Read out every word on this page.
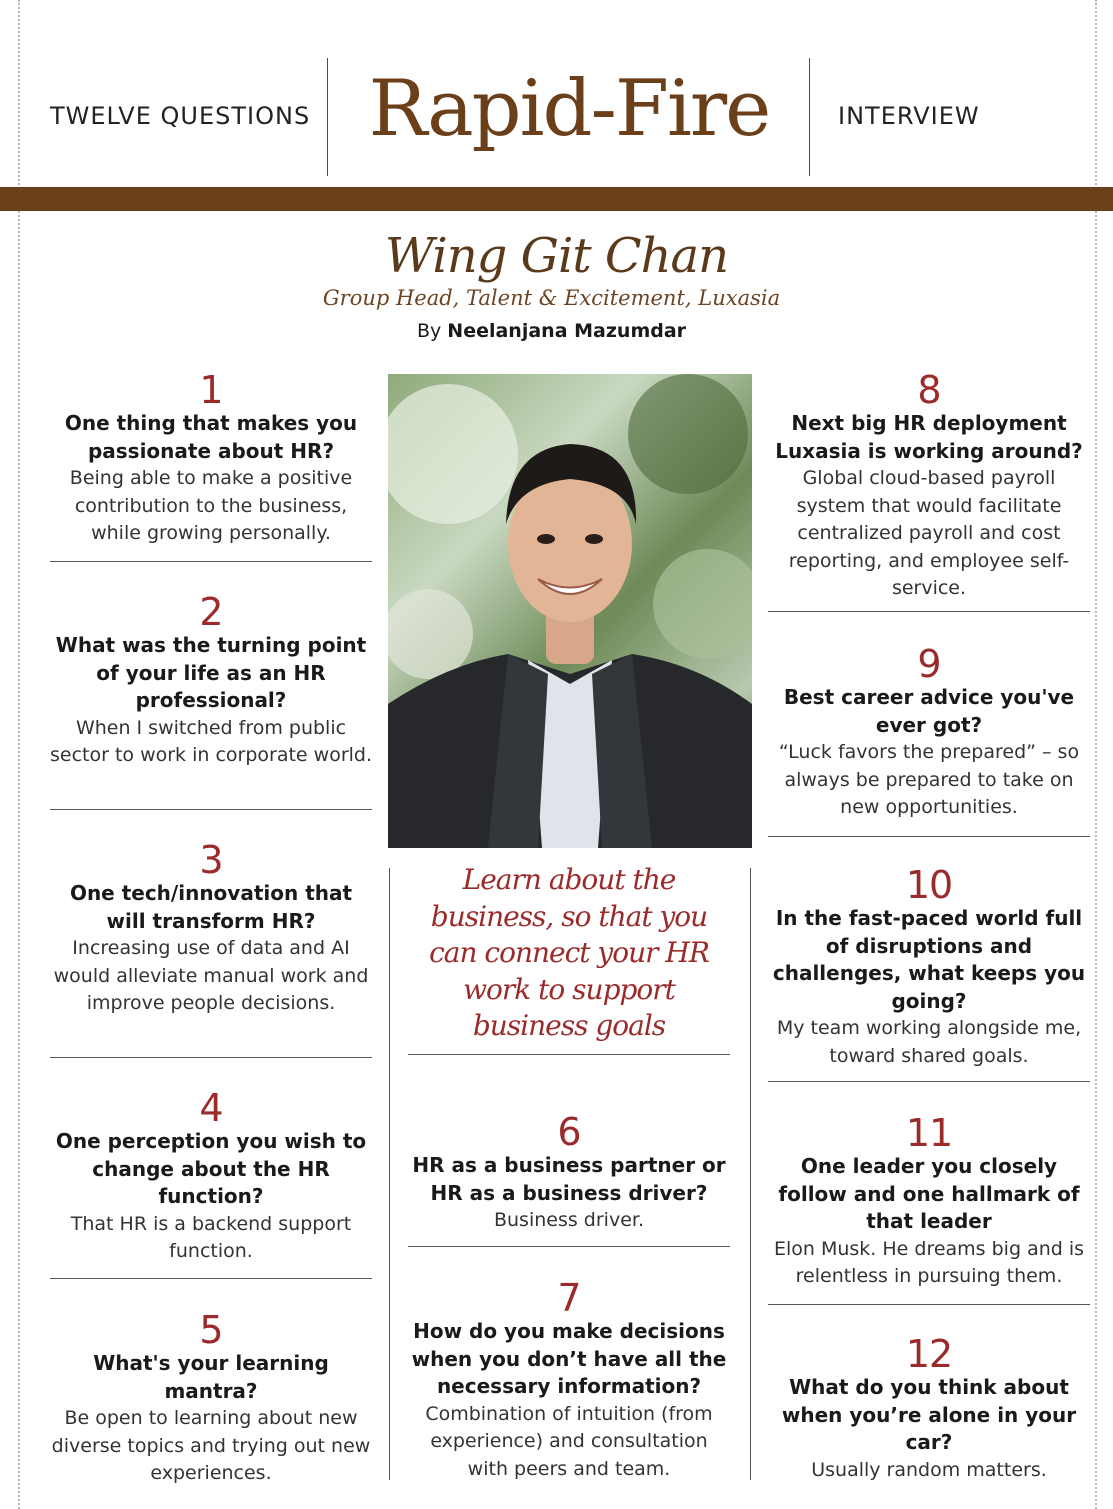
TWELVE QUESTIONS Rapid-Fire	INTERVIEW
Wing Git Chan
Group Head, Talent & Excitement, Luxasia
By Neelanjana Mazumdar
1
One thing that makes you passionate about HR?
Being able to make a positive contribution to the business, while growing personally.
2
What was the turning point of your life as an HR professional?
When I switched from public sector to work in corporate world.
3
One tech/innovation that will transform HR?
Increasing use of data and AI would alleviate manual work and improve people decisions.
4
One perception you wish to change about the HR function?
That HR is a backend support function.
5
What's your learning mantra?
Be open to learning about new diverse topics and trying out new experiences.
Learn about the business, so that you can connect your HR work to support business goals
6
HR as a business partner or HR as a business driver?
Business driver.
7
How do you make decisions when you don’t have all the necessary information?
Combination of intuition (from experience) and consultation with peers and team.
8
Next big HR deployment Luxasia is working around?
Global cloud-based payroll system that would facilitate centralized payroll and cost reporting, and employee self-service.
9
Best career advice you've ever got?
“Luck favors the prepared” – so always be prepared to take on new opportunities.
10
In the fast-paced world full of disruptions and challenges, what keeps you going?
My team working alongside me, toward shared goals.
11
One leader you closely follow and one hallmark of that leader
Elon Musk. He dreams big and is relentless in pursuing them.
12
What do you think about when you’re alone in your car?
Usually random matters.
